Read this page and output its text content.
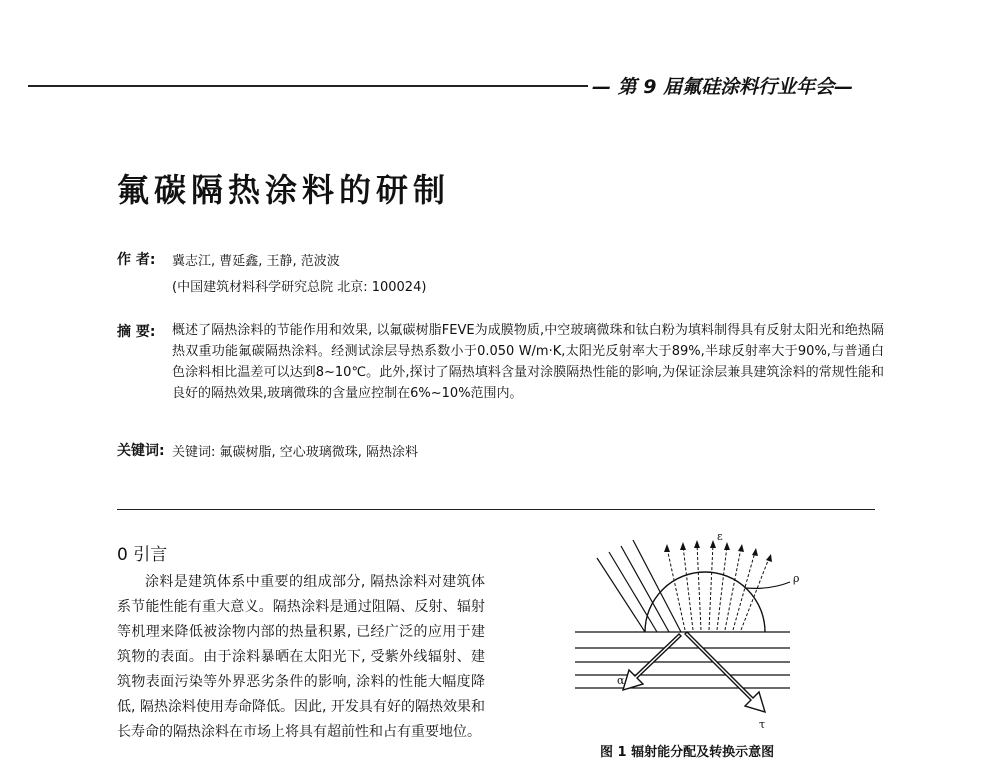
— 第 9 届氟硅涂料行业年会—
氟碳隔热涂料的研制
作 者: 冀志江, 曹延鑫, 王静, 范波波
(中国建筑材料科学研究总院 北京: 100024)
摘 要: 概述了隔热涂料的节能作用和效果, 以氟碳树脂FEVE为成膜物质,中空玻璃微珠和钛白粉为填料制得具有反射太阳光和绝热隔热双重功能氟碳隔热涂料。经测试涂层导热系数小于0.050 W/m·K,太阳光反射率大于89%,半球反射率大于90%,与普通白色涂料相比温差可以达到8~10℃。此外,探讨了隔热填料含量对涂膜隔热性能的影响,为保证涂层兼具建筑涂料的常规性能和良好的隔热效果,玻璃微珠的含量应控制在6%~10%范围内。
关键词: 关键词: 氟碳树脂, 空心玻璃微珠, 隔热涂料
0 引言
涂料是建筑体系中重要的组成部分, 隔热涂料对建筑体系节能性能有重大意义。隔热涂料是通过阻隔、反射、辐射等机理来降低被涂物内部的热量积累, 已经广泛的应用于建筑物的表面。由于涂料暴晒在太阳光下, 受紫外线辐射、建筑物表面污染等外界恶劣条件的影响, 涂料的性能大幅度降低, 隔热涂料使用寿命降低。因此, 开发具有好的隔热效果和长寿命的隔热涂料在市场上将具有超前性和占有重要地位。
ε
ρ
α
τ
图 1 辐射能分配及转换示意图
